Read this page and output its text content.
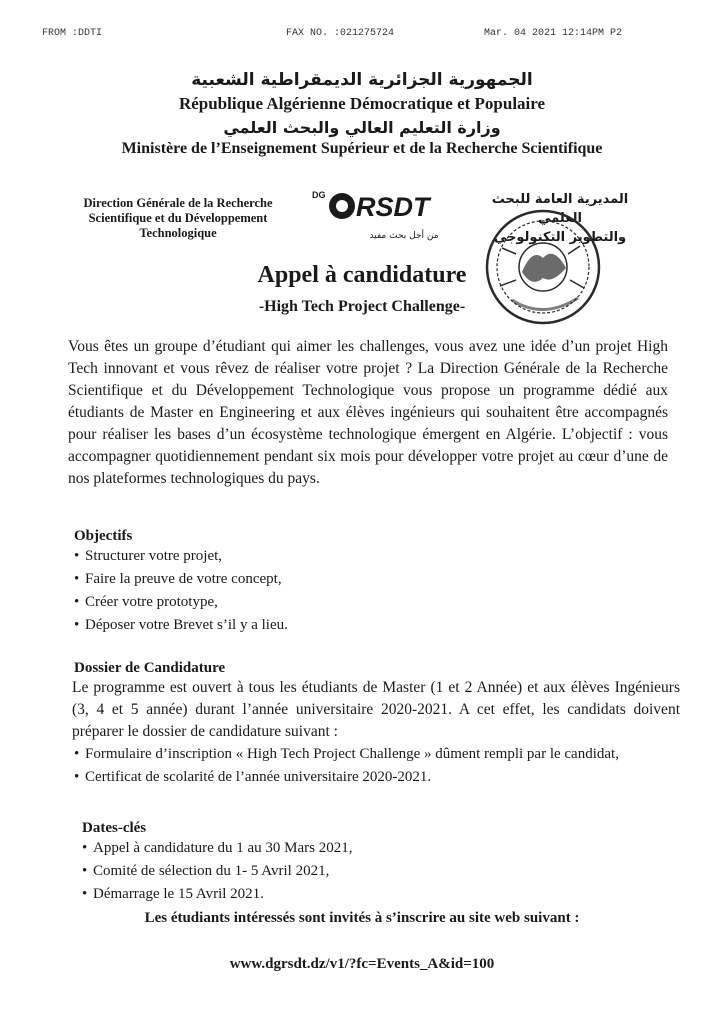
FROM :DDTI	FAX NO. :021275724	Mar. 04 2021 12:14PM P2
الجمهورية الجزائرية الديمقراطية الشعبية
République Algérienne Démocratique et Populaire
وزارة التعليم العالي والبحث العلمي
Ministère de l’Enseignement Supérieur et de la Recherche Scientifique
Direction Générale de la Recherche
Scientifique et du Développement
Technologique
DG RSDT
من أجل بحث مفيد
المديرية العامة للبحث العلمي
والتطوير التكنولوجي
Appel à candidature
-High Tech Project Challenge-
Vous êtes un groupe d’étudiant qui aimer les challenges, vous avez une idée d’un projet High Tech innovant et vous rêvez de réaliser votre projet ? La Direction Générale de la Recherche Scientifique et du Développement Technologique vous propose un programme dédié aux étudiants de Master en Engineering et aux élèves ingénieurs qui souhaitent être accompagnés pour réaliser les bases d’un écosystème technologique émergent en Algérie. L’objectif : vous accompagner quotidiennement pendant six mois pour développer votre projet au cœur d’une de nos plateformes technologiques du pays.
Objectifs
• Structurer votre projet,
• Faire la preuve de votre concept,
• Créer votre prototype,
• Déposer votre Brevet s’il y a lieu.
Dossier de Candidature
Le programme est ouvert à tous les étudiants de Master (1 et 2 Année) et aux élèves Ingénieurs (3, 4 et 5 année) durant l’année universitaire 2020-2021. A cet effet, les candidats doivent préparer le dossier de candidature suivant :
• Formulaire d’inscription « High Tech Project Challenge » dûment rempli par le candidat,
• Certificat de scolarité de l’année universitaire 2020-2021.
Dates-clés
• Appel à candidature du 1 au 30 Mars 2021,
• Comité de sélection du 1- 5 Avril 2021,
• Démarrage le 15 Avril 2021.
Les étudiants intéressés sont invités à s’inscrire au site web suivant :
www.dgrsdt.dz/v1/?fc=Events_A&id=100
